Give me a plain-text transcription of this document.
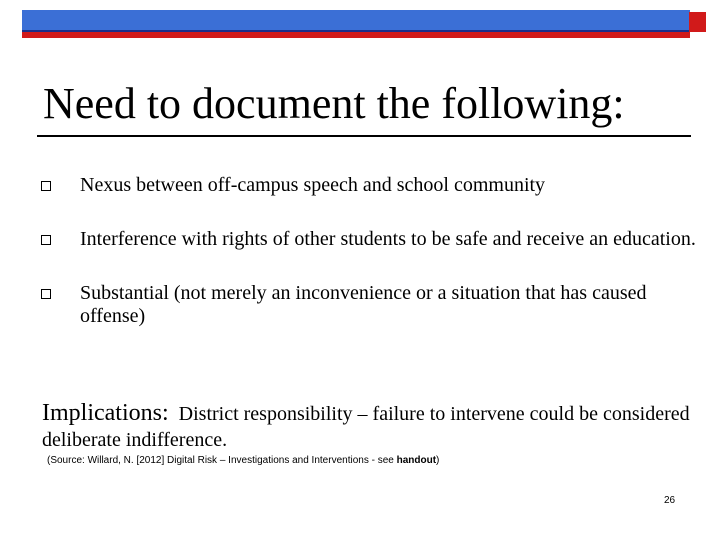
Need to document the following:
Nexus between off-campus speech and school community
Interference with rights of other students to be safe and receive an education.
Substantial (not merely an inconvenience or a situation that has caused offense)
Implications: District responsibility – failure to intervene could be considered deliberate indifference.
(Source: Willard, N. [2012] Digital Risk – Investigations and Interventions - see handout)
26
